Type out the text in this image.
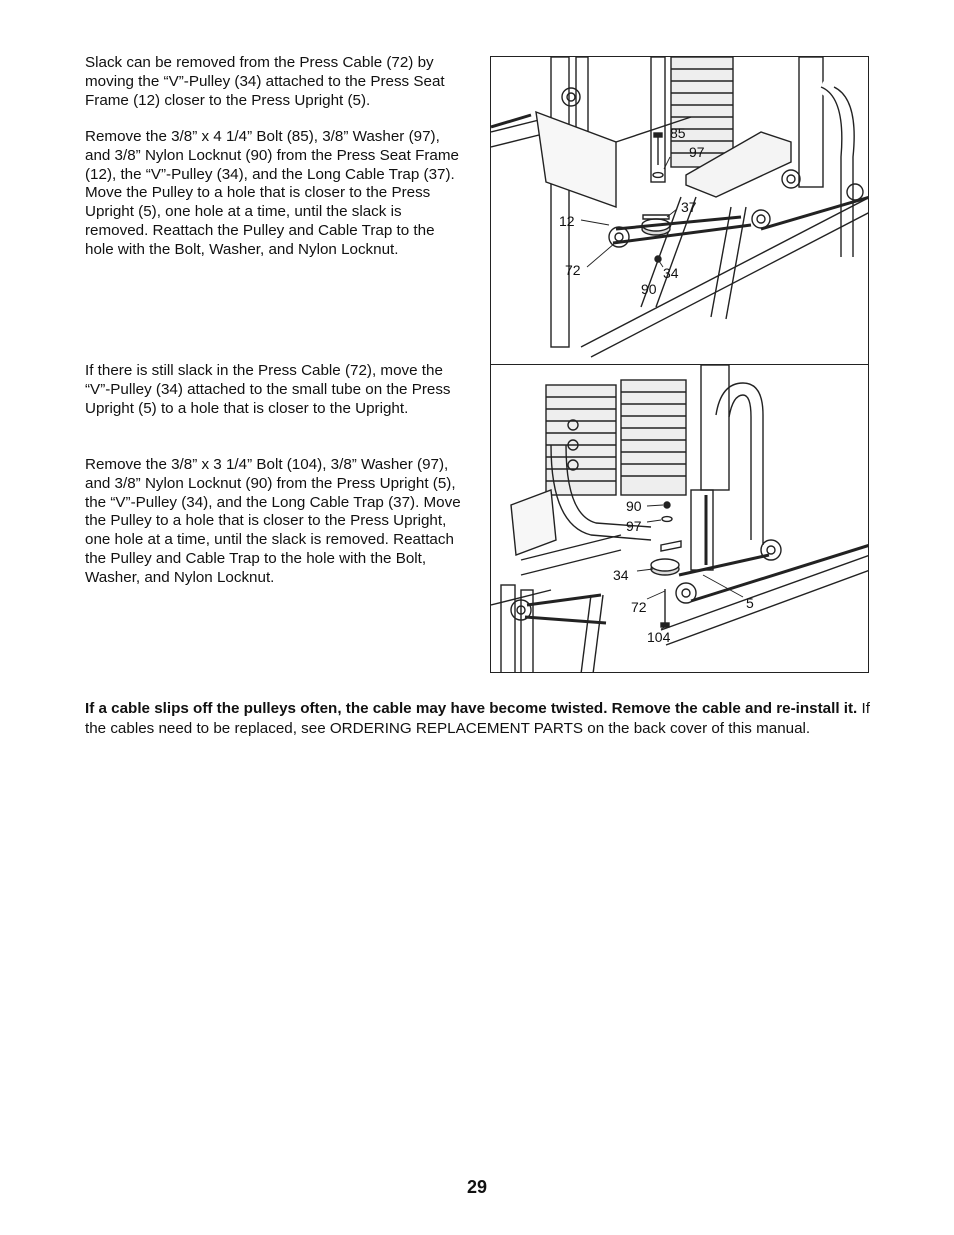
Slack can be removed from the Press Cable (72) by moving the “V”-Pulley (34) attached to the Press Seat Frame (12) closer to the Press Upright (5).

Remove the 3/8” x 4 1/4” Bolt (85), 3/8” Washer (97), and 3/8” Nylon Locknut (90) from the Press Seat Frame (12), the “V”-Pulley (34), and the Long Cable Trap (37). Move the Pulley to a hole that is closer to the Press Upright (5), one hole at a time, until the slack is removed. Reattach the Pulley and Cable Trap to the hole with the Bolt, Washer, and Nylon Locknut.

85
97
37
12
72	34
90

If there is still slack in the Press Cable (72), move the “V”-Pulley (34) attached to the small tube on the Press Upright (5) to a hole that is closer to the Upright.

Remove the 3/8” x 3 1/4” Bolt (104), 3/8” Washer (97), and 3/8” Nylon Locknut (90) from the Press Upright (5), the “V”-Pulley (34), and the Long Cable Trap (37). Move the Pulley to a hole that is closer to the Press Upright, one hole at a time, until the slack is removed. Reattach the Pulley and Cable Trap to the hole with the Bolt, Washer, and Nylon Locknut.

90
97
34
72
104
5

If a cable slips off the pulleys often, the cable may have become twisted. Remove the cable and re-install it. If the cables need to be replaced, see ORDERING REPLACEMENT PARTS on the back cover of this manual.

29
